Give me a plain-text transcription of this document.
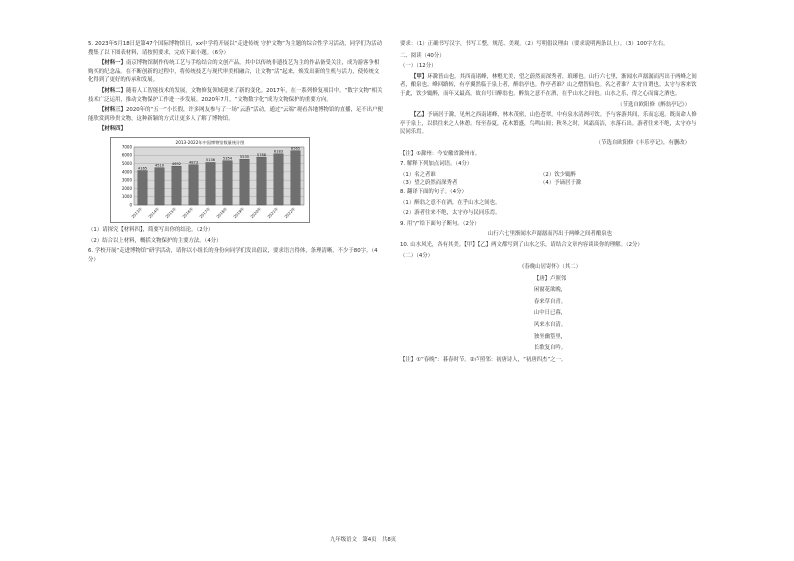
5. 2023年5月18日是第47个国际博物馆日，xx中学将开展以“走进传统 守护文物”为主题的综合性学习活动，同学们为活动搜集了以下图表材料，请按照要求，完成下面小题。（6分）

【材料一】南京博物馆制作传统工艺与手绘结合的文创产品，其中以传统非遗技艺为主的作品备受关注，成为游客争相购买的纪念品。在不断创新的过程中，将传统技艺与现代审美相融合，让文物“活”起来，焕发出新的生机与活力，使传统文化得到了更好的传承和发展。

【材料二】随着人工智能技术的发展，文物修复领域迎来了新的变化。2017年，在一系列修复项目中，“数字文物”相关技术广泛运用，推动文物保护工作进一步发展。2020年7月，“文物数字化”成为文物保护的重要方向。

【材料三】2020年的“五一”小长假，许多网友参与了一场“云游”活动，通过“云端”观看各地博物馆的直播，足不出户便能欣赏到珍贵文物，这种新颖的方式让更多人了解了博物馆。

【材料四】

2013-2022年中国博物馆数量统计图
0
1000
2000
3000
4000
5000
6000
7000
4165
2013年
4510
2014年
4692
2015年
4873
2016年
5136
2017年
5354
2018年
5535
2019年
5788
2020年
6183
2021年
6565
2022年

（1）请探究【材料四】，简要写出你的结论。（2分）

（2）结合以上材料，概括文物保护的主要方法。（4分）

6. 学校开展“走进博物馆”研学活动，请你以小组长的身份向同学们发出倡议，要求语言得体，条理清晰，不少于80字。（4分）

要求：（1）正确书写汉字，书写工整，规范、美观。（2）写明倡议理由（要求说明两条以上）。（3）100字左右。

二、阅读（40分）

（一）（12分）

【甲】环滁皆山也。其西南诸峰，林壑尤美，望之蔚然而深秀者，琅琊也。山行六七里，渐闻水声潺潺而泻出于两峰之间者，酿泉也。峰回路转，有亭翼然临于泉上者，醉翁亭也。作亭者谁？山之僧智仙也。名之者谁？太守自谓也。太守与客来饮于此，饮少辄醉，而年又最高，故自号曰醉翁也。醉翁之意不在酒，在乎山水之间也。山水之乐，得之心而寓之酒也。

（节选自欧阳修《醉翁亭记》）

【乙】予谪居于滁，见州之西南诸峰，林木茂密，山色苍翠，中有泉水清冽可饮。予与客游其间，乐而忘返。既而命人修亭于泉上，以供往来之人休憩。每至春夏，花木繁盛，鸟鸣山间；秋冬之时，风霜高洁，水落石出。游者往来不绝，太守亦与民同乐焉。

（节选自欧阳修《丰乐亭记》，有删改）

【注】①滁州：今安徽省滁州市。

7. 解释下列加点词语。（4分）

（1）名之者谁	（2）饮少辄醉
（3）望之蔚然而深秀者	（4）予谪居于滁

8. 翻译下面的句子。（4分）

（1）醉翁之意不在酒，在乎山水之间也。

（2）游者往来不绝，太守亦与民同乐焉。

9. 用“/”给下面句子断句。（2分）

山行六七里渐闻水声潺潺而泻出于两峰之间者酿泉也

10. 山水风光，各有其美。【甲】【乙】两文都写到了山水之乐，请结合文章内容谈谈你的理解。（2分）

（二）（4分）

《春晚山居寄怀》（其二）

【唐】卢照邻

闲窗花欲晚，

春来草自青。

山中日已暮，

风来水自清。

独坐幽篁里，

长歌复自吟。

【注】①“春晚”：暮春时节。②卢照邻：初唐诗人，“初唐四杰”之一。

九年级语文　第4页　共8页
